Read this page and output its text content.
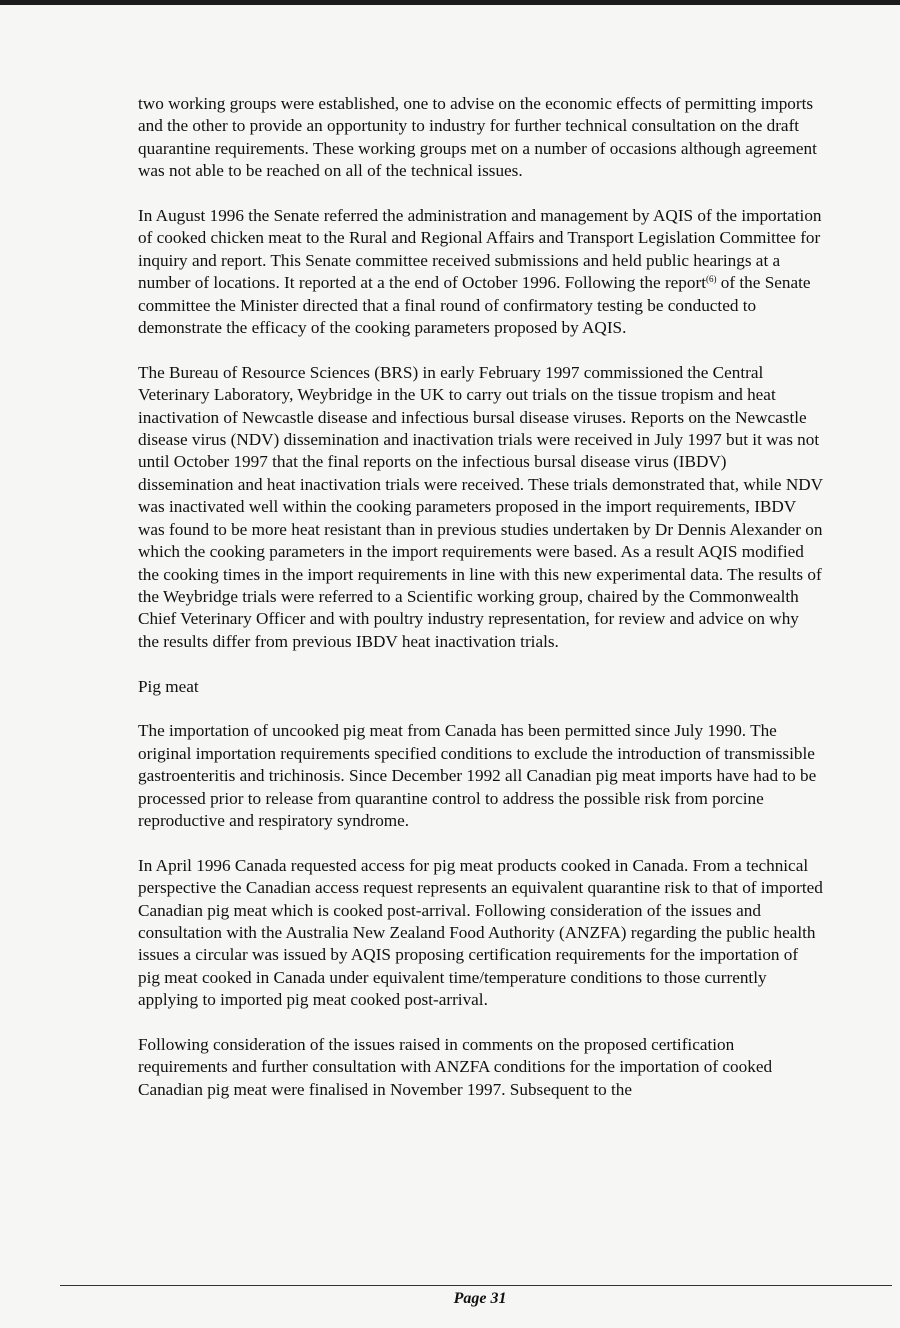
two working groups were established, one to advise on the economic effects of permitting imports and the other to provide an opportunity to industry for further technical consultation on the draft quarantine requirements. These working groups met on a number of occasions although agreement was not able to be reached on all of the technical issues.

In August 1996 the Senate referred the administration and management by AQIS of the importation of cooked chicken meat to the Rural and Regional Affairs and Transport Legislation Committee for inquiry and report. This Senate committee received submissions and held public hearings at a number of locations. It reported at a the end of October 1996. Following the report$^{(6)}$ of the Senate committee the Minister directed that a final round of confirmatory testing be conducted to demonstrate the efficacy of the cooking parameters proposed by AQIS.

The Bureau of Resource Sciences (BRS) in early February 1997 commissioned the Central Veterinary Laboratory, Weybridge in the UK to carry out trials on the tissue tropism and heat inactivation of Newcastle disease and infectious bursal disease viruses. Reports on the Newcastle disease virus (NDV) dissemination and inactivation trials were received in July 1997 but it was not until October 1997 that the final reports on the infectious bursal disease virus (IBDV) dissemination and heat inactivation trials were received. These trials demonstrated that, while NDV was inactivated well within the cooking parameters proposed in the import requirements, IBDV was found to be more heat resistant than in previous studies undertaken by Dr Dennis Alexander on which the cooking parameters in the import requirements were based. As a result AQIS modified the cooking times in the import requirements in line with this new experimental data. The results of the Weybridge trials were referred to a Scientific working group, chaired by the Commonwealth Chief Veterinary Officer and with poultry industry representation, for review and advice on why the results differ from previous IBDV heat inactivation trials.

Pig meat

The importation of uncooked pig meat from Canada has been permitted since July 1990. The original importation requirements specified conditions to exclude the introduction of transmissible gastroenteritis and trichinosis. Since December 1992 all Canadian pig meat imports have had to be processed prior to release from quarantine control to address the possible risk from porcine reproductive and respiratory syndrome.

In April 1996 Canada requested access for pig meat products cooked in Canada. From a technical perspective the Canadian access request represents an equivalent quarantine risk to that of imported Canadian pig meat which is cooked post-arrival. Following consideration of the issues and consultation with the Australia New Zealand Food Authority (ANZFA) regarding the public health issues a circular was issued by AQIS proposing certification requirements for the importation of pig meat cooked in Canada under equivalent time/temperature conditions to those currently applying to imported pig meat cooked post-arrival.

Following consideration of the issues raised in comments on the proposed certification requirements and further consultation with ANZFA conditions for the importation of cooked Canadian pig meat were finalised in November 1997. Subsequent to the

Page 31
